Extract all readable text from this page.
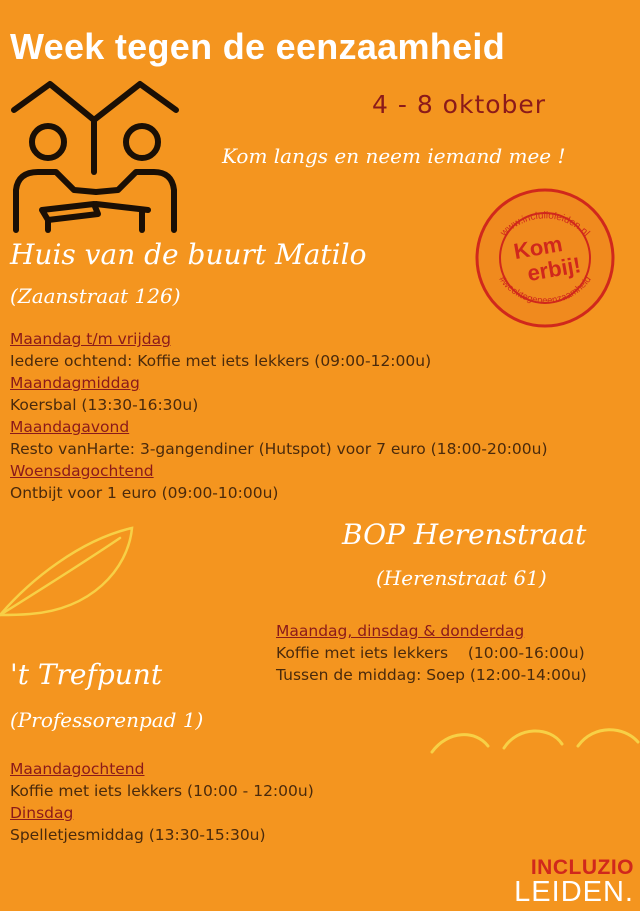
Week tegen de eenzaamheid
4 - 8 oktober
Kom langs en neem iemand mee !
www.inclulioleiden.nl
#weektegeneenzaamheid
Kom
erbij!
Huis van de buurt Matilo
(Zaanstraat 126)
Maandag t/m vrijdag
Iedere ochtend: Koffie met iets lekkers (09:00-12:00u)
Maandagmiddag
Koersbal (13:30-16:30u)
Maandagavond
Resto vanHarte: 3-gangendiner (Hutspot) voor 7 euro (18:00-20:00u)
Woensdagochtend
Ontbijt voor 1 euro (09:00-10:00u)
BOP Herenstraat
(Herenstraat 61)
Maandag, dinsdag & donderdag
Koffie met iets lekkers    (10:00-16:00u)
Tussen de middag: Soep (12:00-14:00u)
't Trefpunt
(Professorenpad 1)
Maandagochtend
Koffie met iets lekkers (10:00 - 12:00u)
Dinsdag
Spelletjesmiddag (13:30-15:30u)
INCLUZIO
LEIDEN.
